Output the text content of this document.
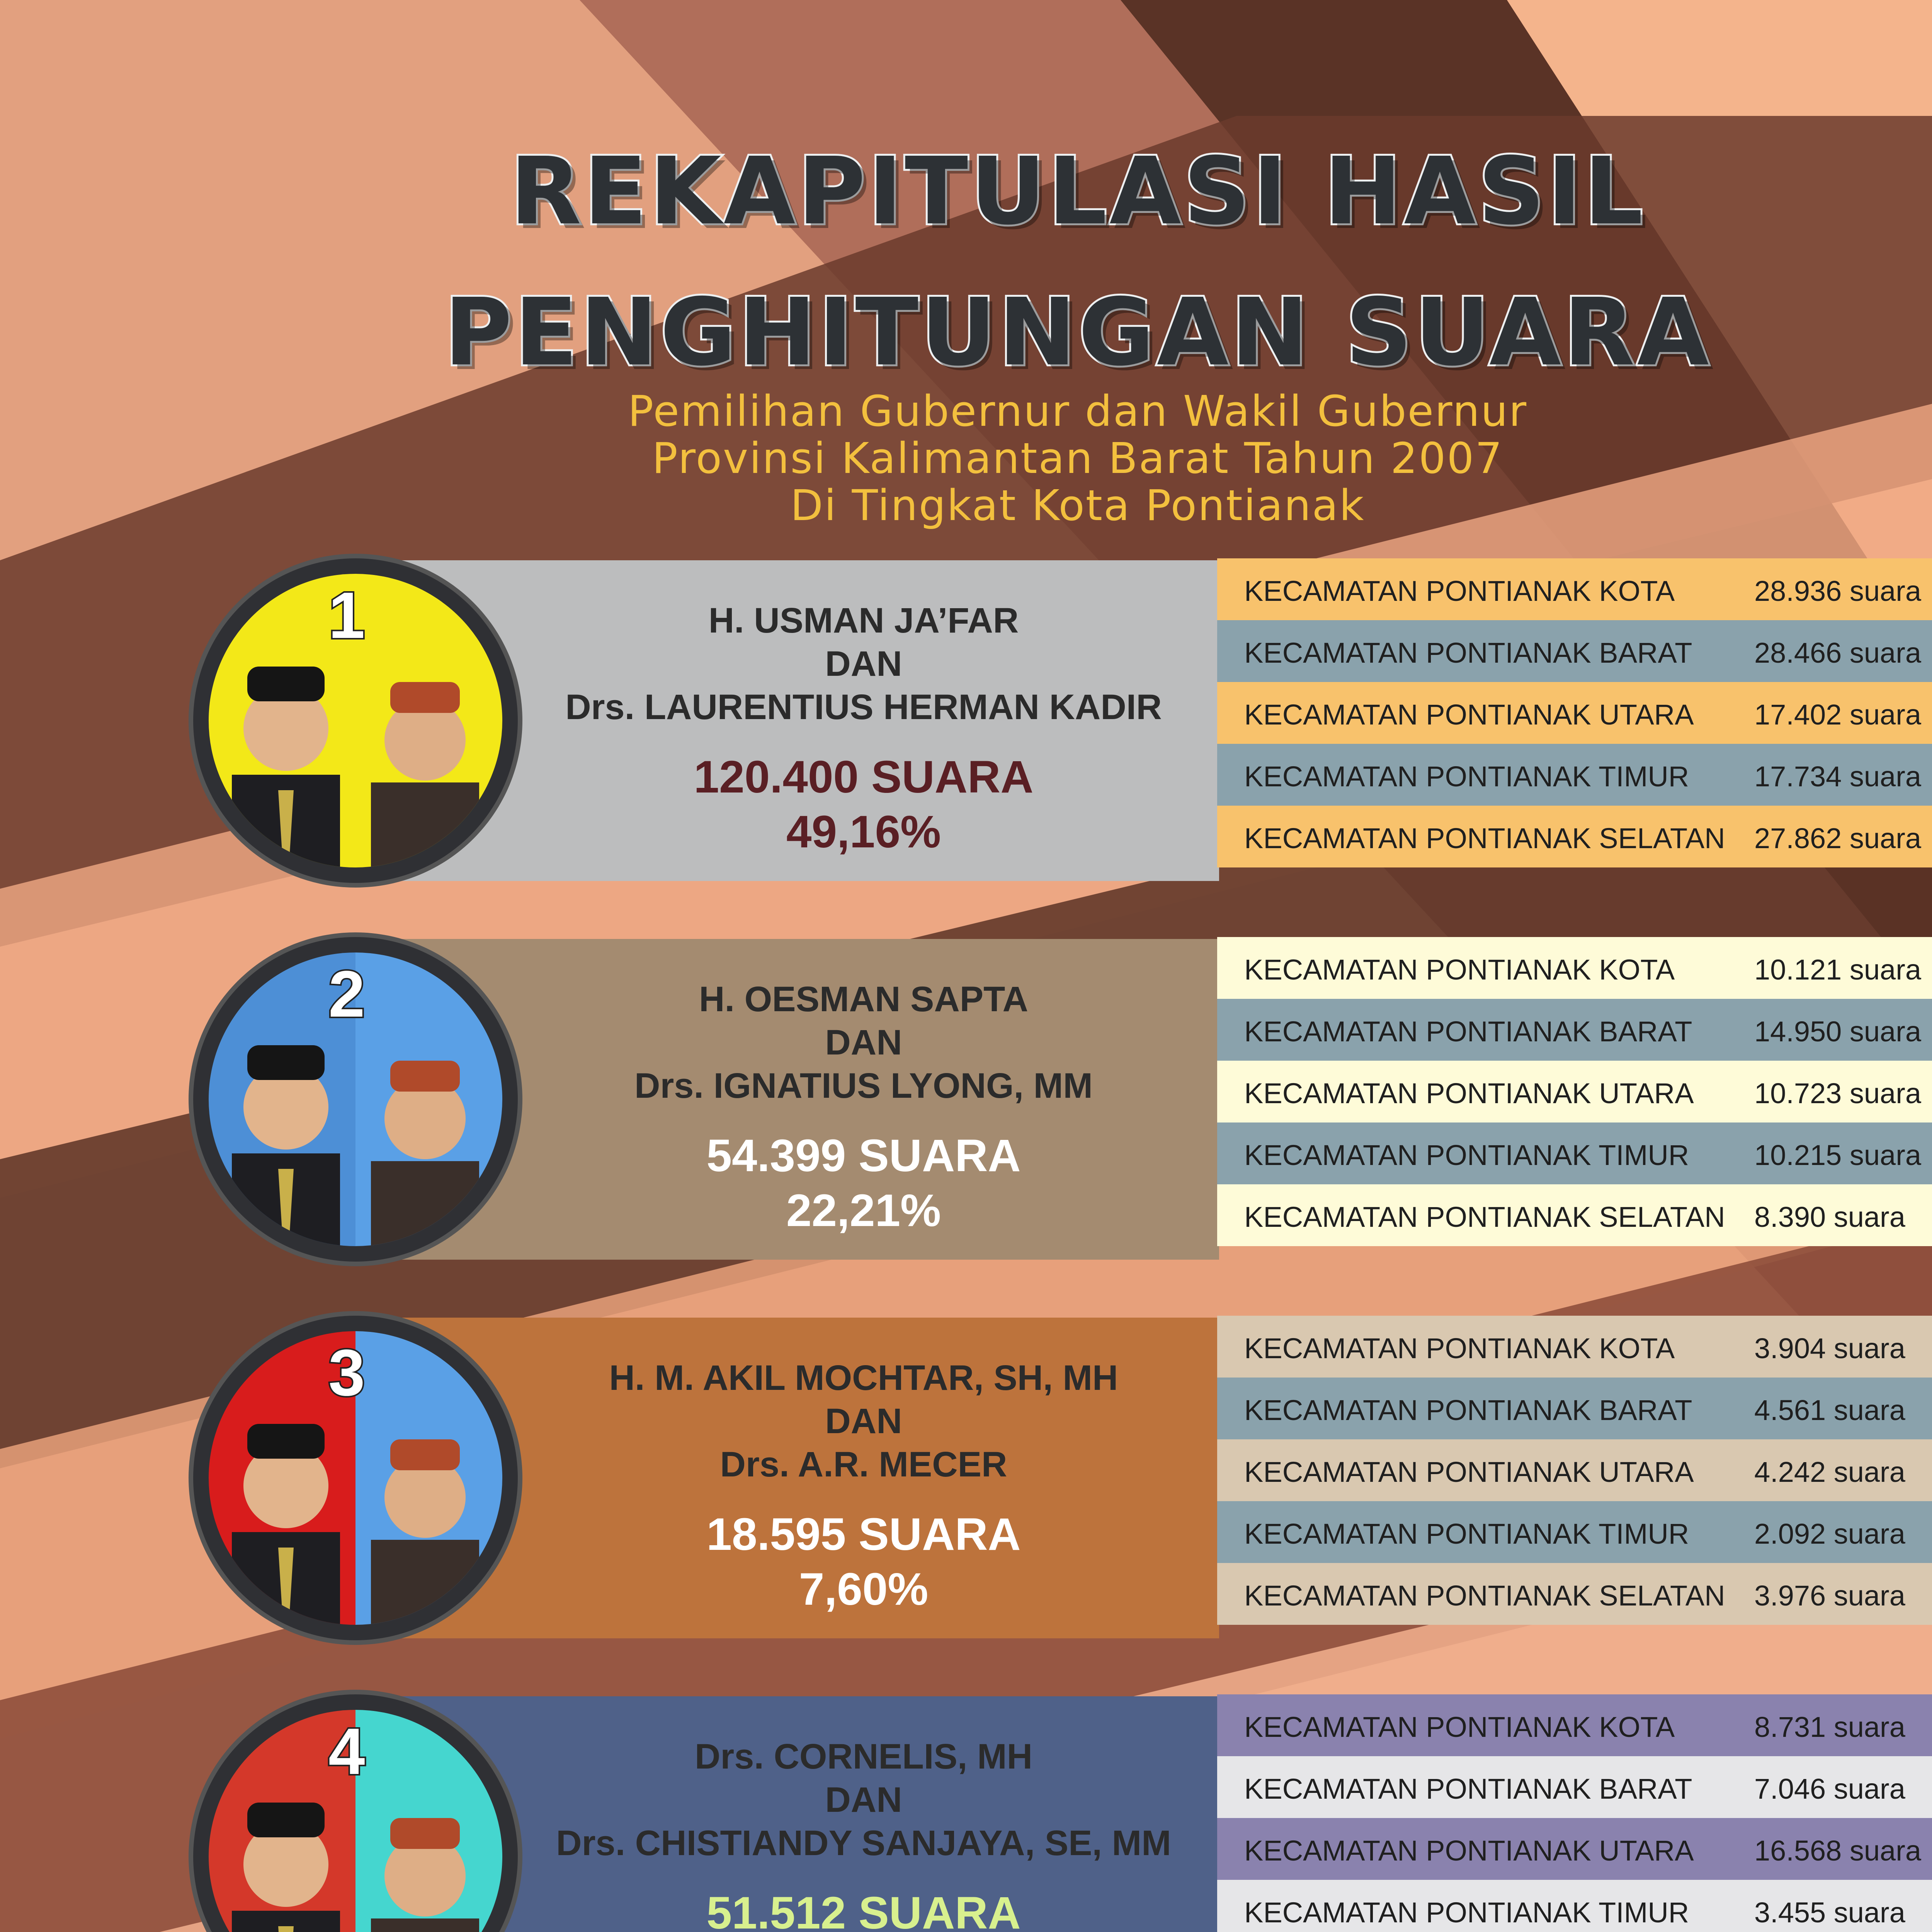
REKAPITULASI HASIL
PENGHITUNGAN SUARA
Pemilihan Gubernur dan Wakil Gubernur
Provinsi Kalimantan Barat Tahun 2007
Di Tingkat Kota Pontianak
1	H. USMAN JA’FAR
DAN
Drs. LAURENTIUS HERMAN KADIR
120.400 SUARA
49,16%
KECAMATAN PONTIANAK KOTA	28.936 suara
KECAMATAN PONTIANAK BARAT 28.466 suara
KECAMATAN PONTIANAK UTARA 17.402 suara
KECAMATAN PONTIANAK TIMUR 17.734 suara
KECAMATAN PONTIANAK SELATAN 27.862 suara
2	H. OESMAN SAPTA
DAN
Drs. IGNATIUS LYONG, MM
54.399 SUARA
22,21%
KECAMATAN PONTIANAK KOTA	10.121 suara
KECAMATAN PONTIANAK BARAT 14.950 suara
KECAMATAN PONTIANAK UTARA 10.723 suara
KECAMATAN PONTIANAK TIMUR 10.215 suara
KECAMATAN PONTIANAK SELATAN 8.390 suara
3	H. M. AKIL MOCHTAR, SH, MH
DAN
Drs. A.R. MECER
18.595 SUARA
7,60%
KECAMATAN PONTIANAK KOTA	3.904 suara
KECAMATAN PONTIANAK BARAT 4.561 suara
KECAMATAN PONTIANAK UTARA 4.242 suara
KECAMATAN PONTIANAK TIMUR 2.092 suara
KECAMATAN PONTIANAK SELATAN 3.976 suara
4	Drs. CORNELIS, MH
DAN
Drs. CHISTIANDY SANJAYA, SE, MM
51.512 SUARA
KECAMATAN PONTIANAK KOTA	8.731 suara
KECAMATAN PONTIANAK BARAT 7.046 suara
KECAMATAN PONTIANAK UTARA 16.568 suara
KECAMATAN PONTIANAK TIMUR 3.455 suara
